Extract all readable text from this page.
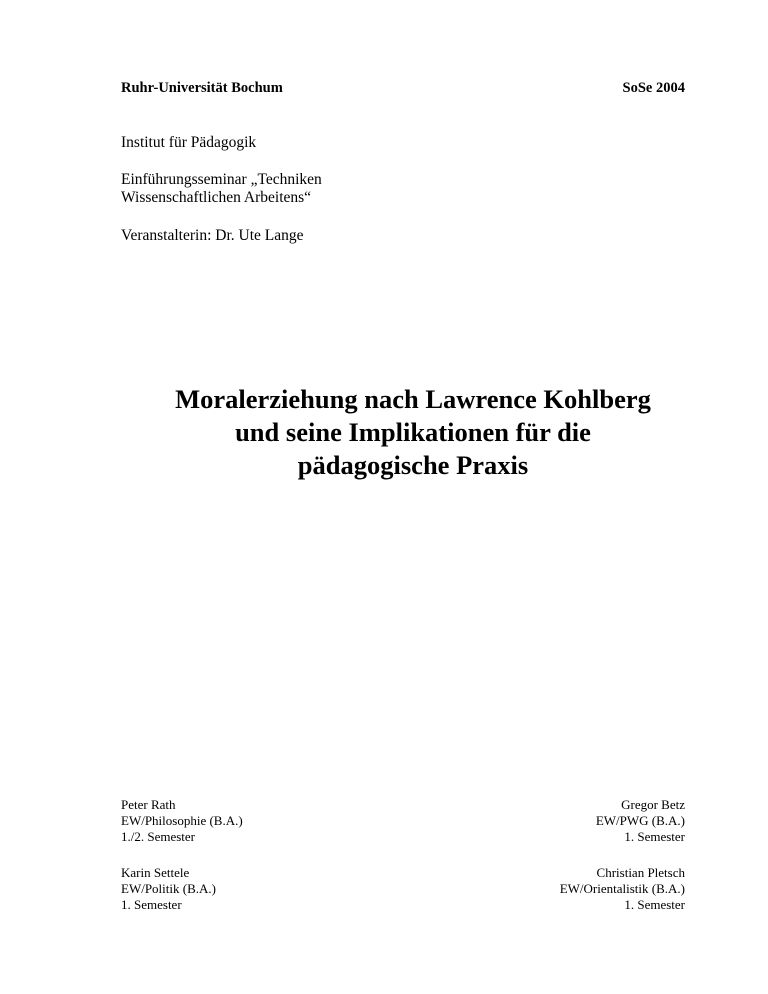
Ruhr-Universität Bochum	SoSe 2004
Institut für Pädagogik
Einführungsseminar „Techniken
Wissenschaftlichen Arbeitens“
Veranstalterin: Dr. Ute Lange
Moralerziehung nach Lawrence Kohlberg
und seine Implikationen für die
pädagogische Praxis
Peter Rath
EW/Philosophie (B.A.)
1./2. Semester
Gregor Betz
EW/PWG (B.A.)
1. Semester
Karin Settele
EW/Politik (B.A.)
1. Semester
Christian Pletsch
EW/Orientalistik (B.A.)
1. Semester
